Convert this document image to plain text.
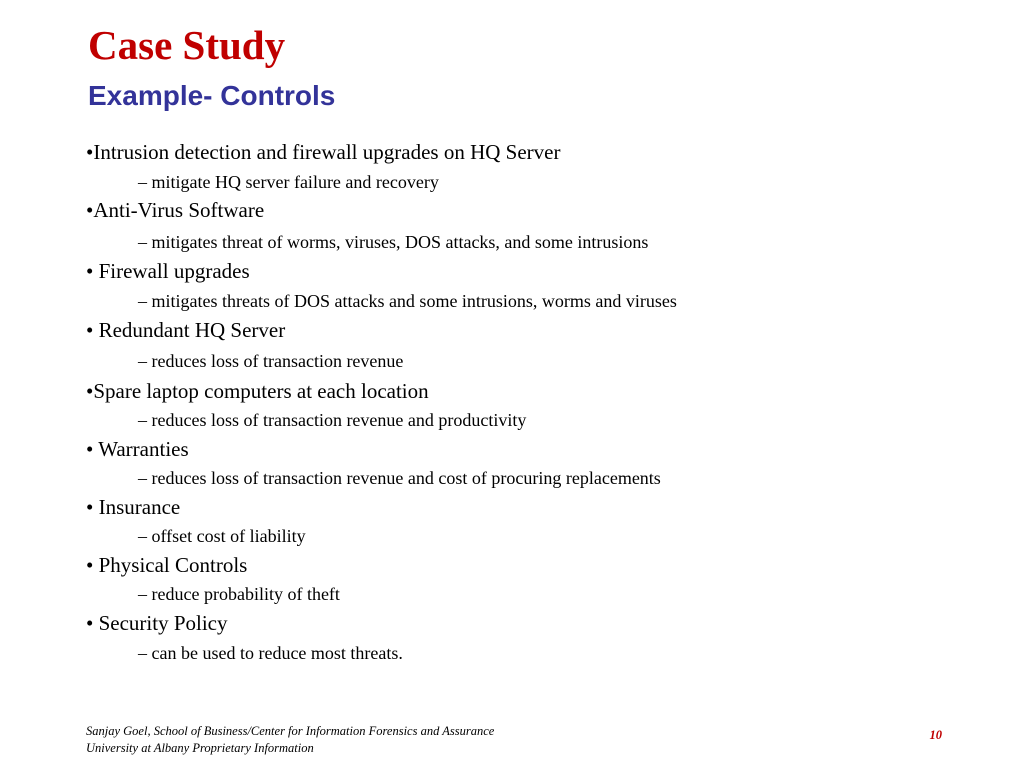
Case Study
Example- Controls
•Intrusion detection and firewall upgrades on HQ Server
– mitigate HQ server failure and recovery
•Anti-Virus Software
– mitigates threat of worms, viruses, DOS attacks, and some intrusions
• Firewall upgrades
– mitigates threats of DOS attacks and some intrusions, worms and viruses
• Redundant HQ Server
– reduces loss of transaction revenue
•Spare laptop computers at each location
– reduces loss of transaction revenue and productivity
• Warranties
– reduces loss of transaction revenue and cost of procuring replacements
• Insurance
– offset cost of liability
• Physical Controls
– reduce probability of theft
• Security Policy
– can be used to reduce most threats.
Sanjay Goel, School of Business/Center for Information Forensics and Assurance
University at Albany Proprietary Information
10
